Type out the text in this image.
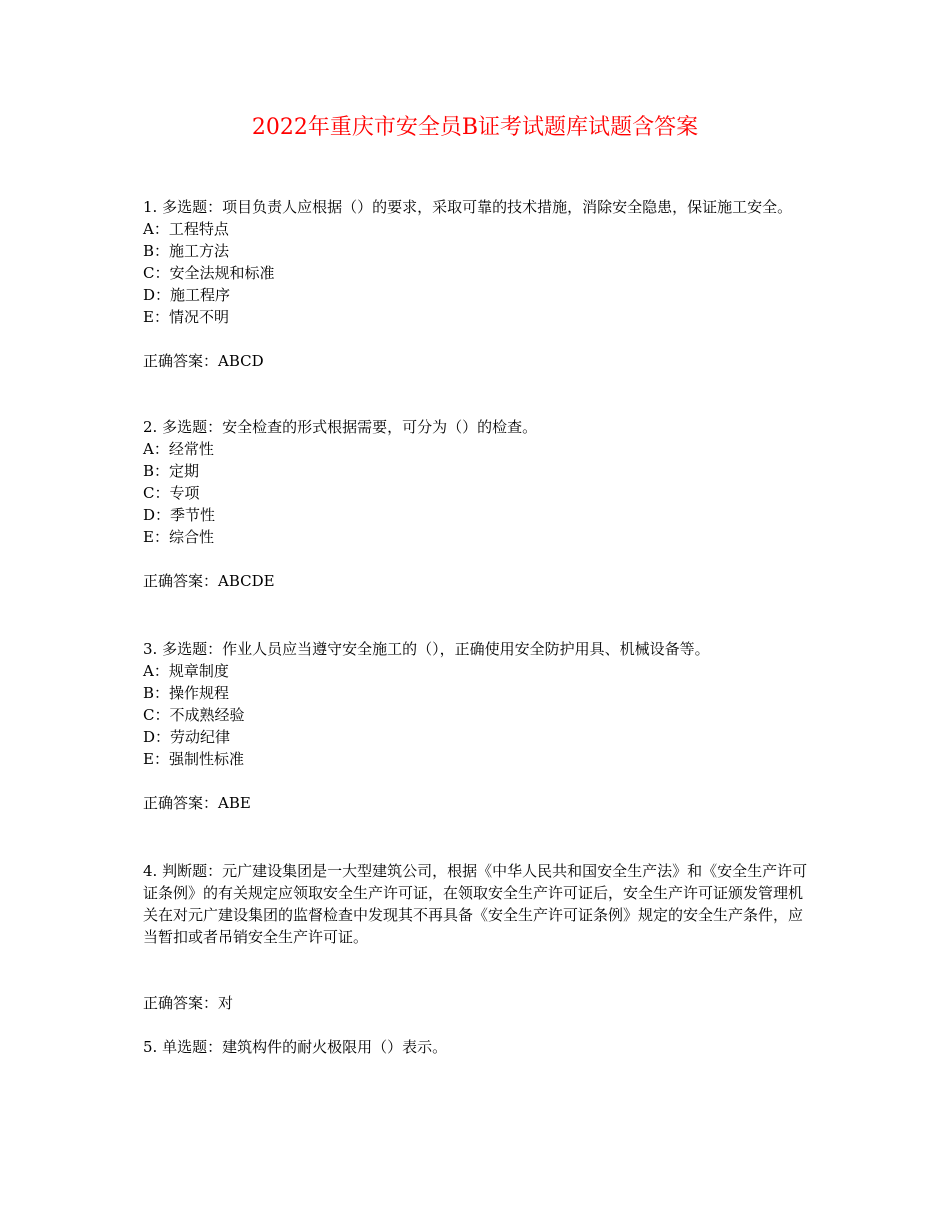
2022年重庆市安全员B证考试题库试题含答案

1. 多选题：项目负责人应根据（）的要求，采取可靠的技术措施，消除安全隐患，保证施工安全。

A：工程特点
B：施工方法
C：安全法规和标准
D：施工程序
E：情况不明

正确答案：ABCD

2. 多选题：安全检查的形式根据需要，可分为（）的检查。

A：经常性
B：定期
C：专项
D：季节性
E：综合性

正确答案：ABCDE

3. 多选题：作业人员应当遵守安全施工的（），正确使用安全防护用具、机械设备等。

A：规章制度
B：操作规程
C：不成熟经验
D：劳动纪律
E：强制性标准

正确答案：ABE

4. 判断题：元广建设集团是一大型建筑公司，根据《中华人民共和国安全生产法》和《安全生产许可证条例》的有关规定应领取安全生产许可证，在领取安全生产许可证后，安全生产许可证颁发管理机关在对元广建设集团的监督检查中发现其不再具备《安全生产许可证条例》规定的安全生产条件，应当暂扣或者吊销安全生产许可证。

正确答案：对

5. 单选题：建筑构件的耐火极限用（）表示。
